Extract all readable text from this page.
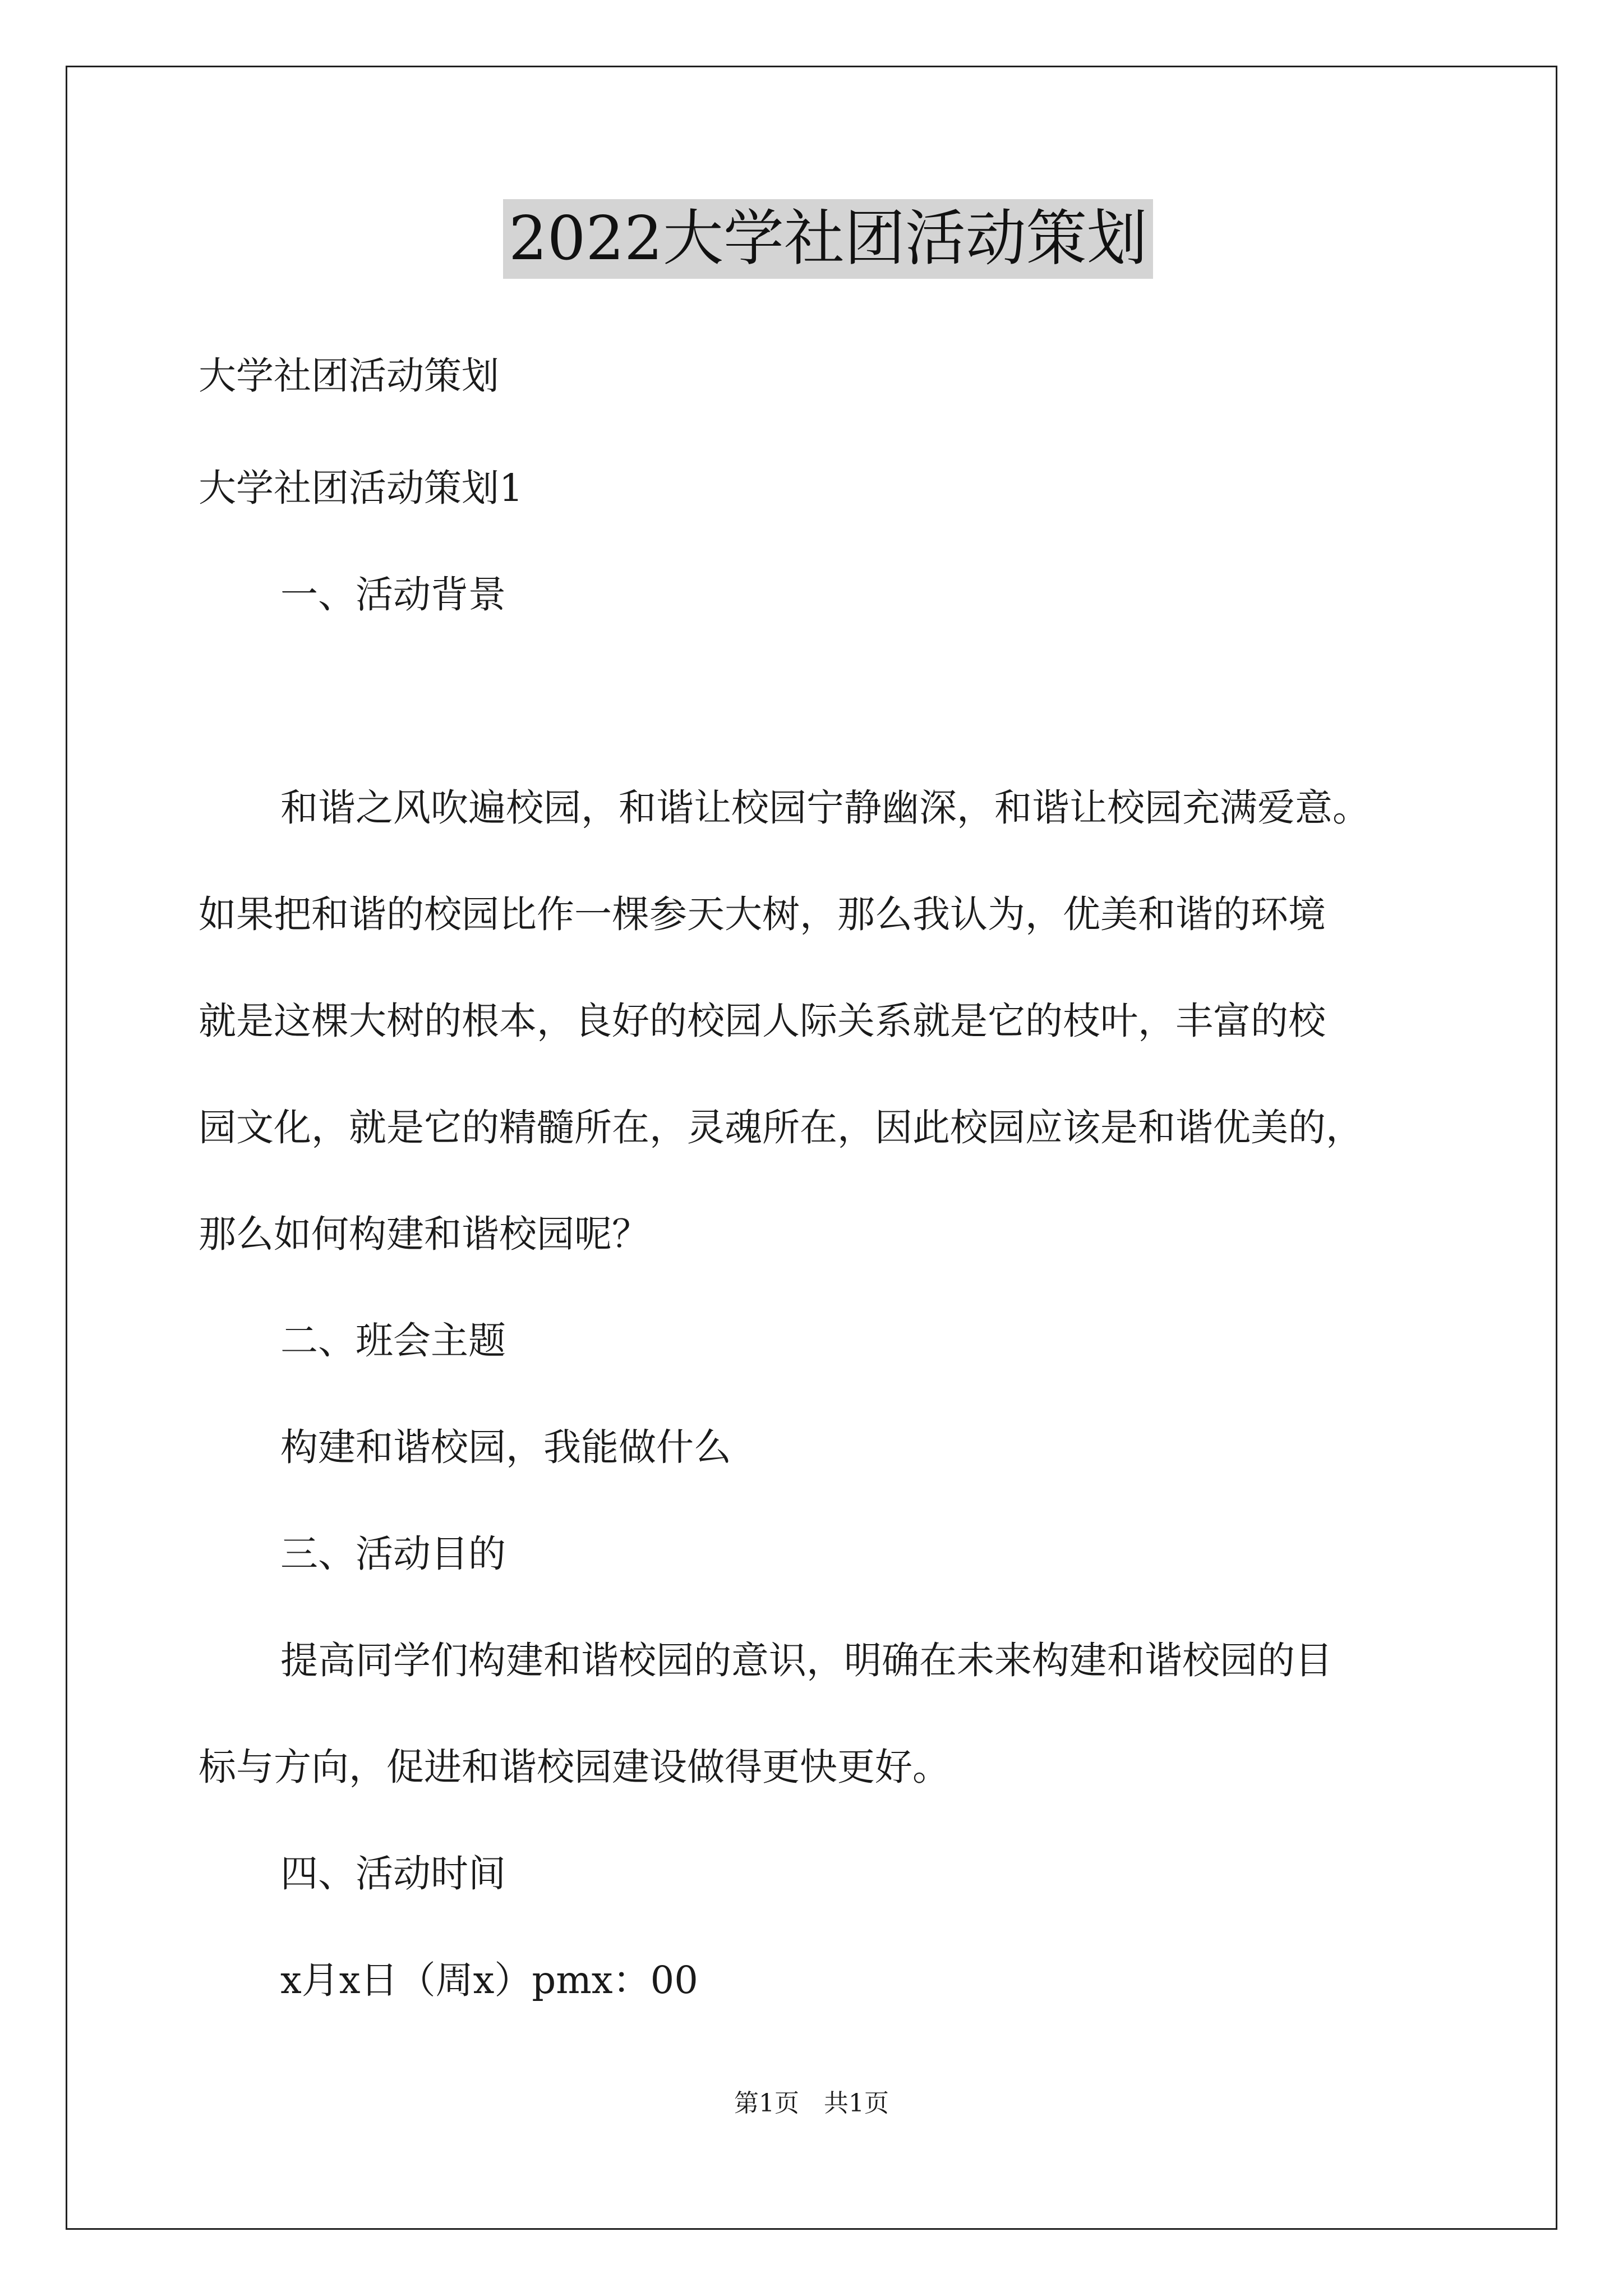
2022大学社团活动策划
大学社团活动策划
大学社团活动策划1
一、活动背景
和谐之风吹遍校园，和谐让校园宁静幽深，和谐让校园充满爱意。
如果把和谐的校园比作一棵参天大树，那么我认为，优美和谐的环境
就是这棵大树的根本，良好的校园人际关系就是它的枝叶，丰富的校
园文化，就是它的精髓所在，灵魂所在，因此校园应该是和谐优美的，
那么如何构建和谐校园呢？
二、班会主题
构建和谐校园，我能做什么
三、活动目的
提高同学们构建和谐校园的意识，明确在未来构建和谐校园的目
标与方向，促进和谐校园建设做得更快更好。
四、活动时间
x月x日（周x）pmx：00
第1页　共1页
